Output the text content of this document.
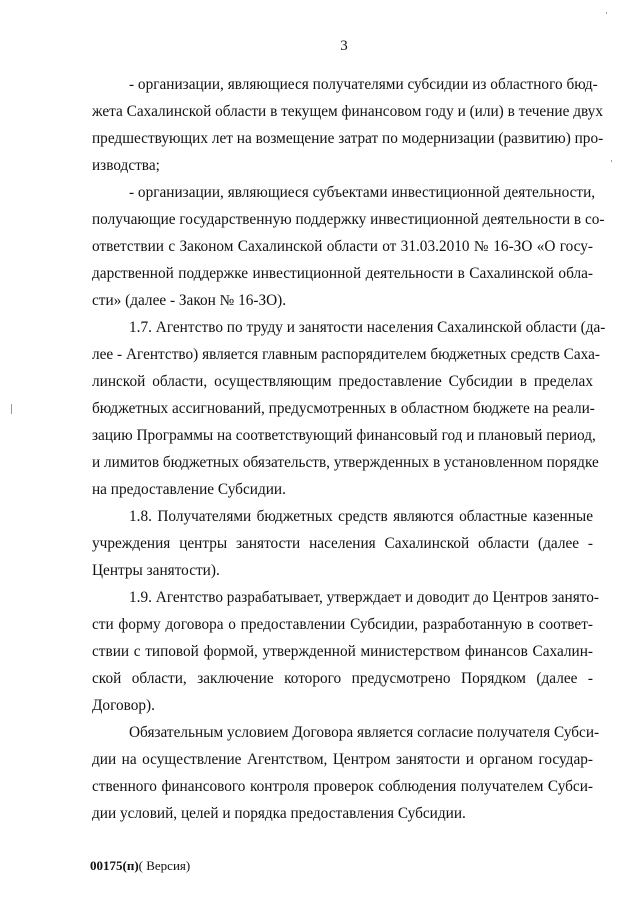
3
- организации, являющиеся получателями субсидии из областного бюд-
жета Сахалинской области в текущем финансовом году и (или) в течение двух
предшествующих лет на возмещение затрат по модернизации (развитию) про-
изводства;
- организации, являющиеся субъектами инвестиционной деятельности,
получающие государственную поддержку инвестиционной деятельности в со-
ответствии с Законом Сахалинской области от 31.03.2010 № 16-ЗО «О госу-
дарственной поддержке инвестиционной деятельности в Сахалинской обла-
сти» (далее - Закон № 16-ЗО).
1.7. Агентство по труду и занятости населения Сахалинской области (да-
лее - Агентство) является главным распорядителем бюджетных средств Саха-
линской области, осуществляющим предоставление Субсидии в пределах
бюджетных ассигнований, предусмотренных в областном бюджете на реали-
зацию Программы на соответствующий финансовый год и плановый период,
и лимитов бюджетных обязательств, утвержденных в установленном порядке
на предоставление Субсидии.
1.8. Получателями бюджетных средств являются областные казенные
учреждения центры занятости населения Сахалинской области (далее -
Центры занятости).
1.9. Агентство разрабатывает, утверждает и доводит до Центров занято-
сти форму договора о предоставлении Субсидии, разработанную в соответ-
ствии с типовой формой, утвержденной министерством финансов Сахалин-
ской области, заключение которого предусмотрено Порядком (далее -
Договор).
Обязательным условием Договора является согласие получателя Субси-
дии на осуществление Агентством, Центром занятости и органом государ-
ственного финансового контроля проверок соблюдения получателем Субси-
дии условий, целей и порядка предоставления Субсидии.
00175(п)( Версия)
